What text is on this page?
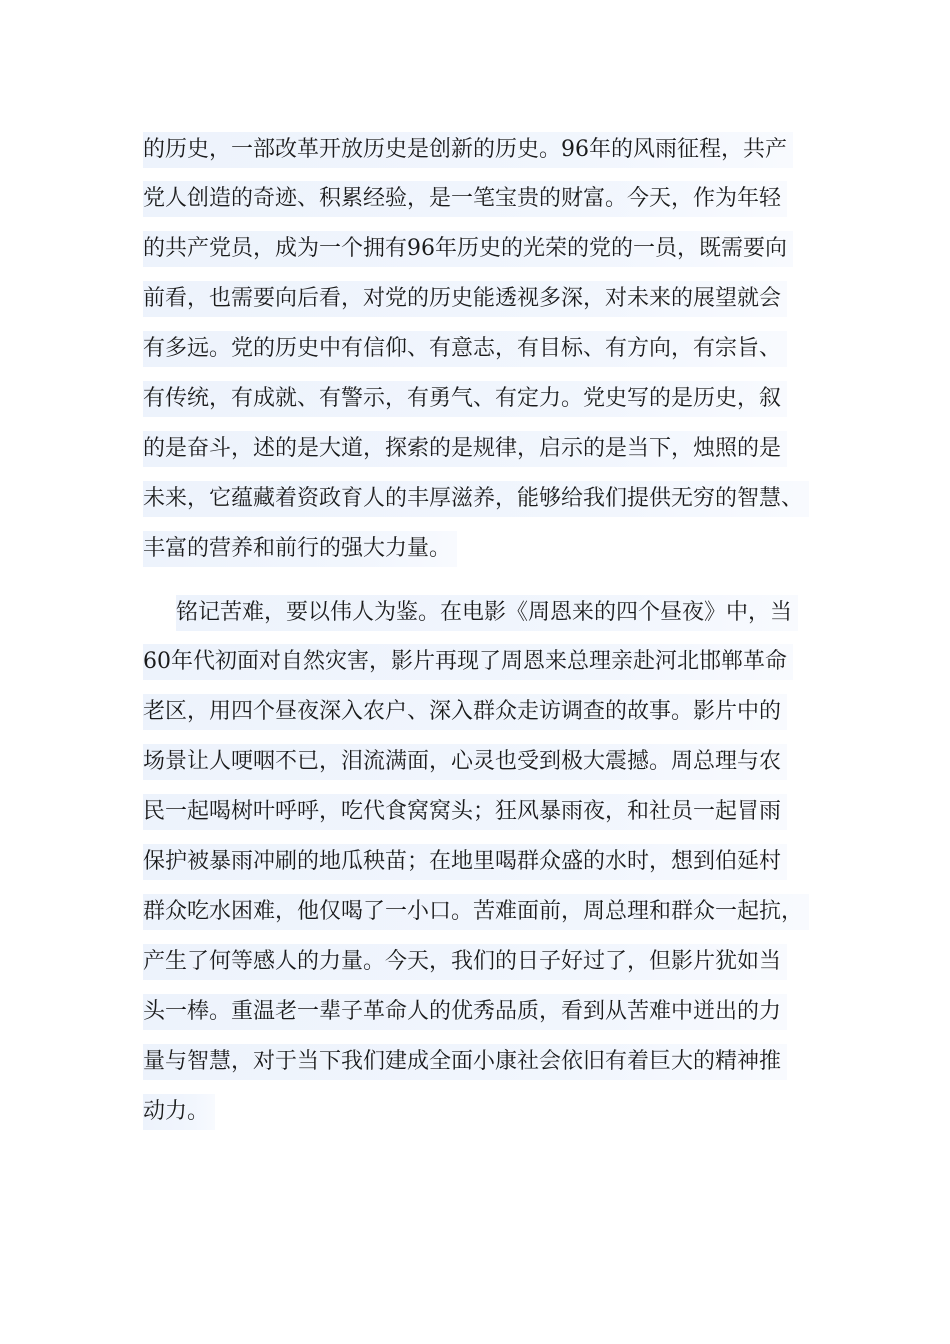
的历史，一部改革开放历史是创新的历史。96年的风雨征程，共产
党人创造的奇迹、积累经验，是一笔宝贵的财富。今天，作为年轻
的共产党员，成为一个拥有96年历史的光荣的党的一员，既需要向
前看，也需要向后看，对党的历史能透视多深，对未来的展望就会
有多远。党的历史中有信仰、有意志，有目标、有方向，有宗旨、
有传统，有成就、有警示，有勇气、有定力。党史写的是历史，叙
的是奋斗，述的是大道，探索的是规律，启示的是当下，烛照的是
未来，它蕴藏着资政育人的丰厚滋养，能够给我们提供无穷的智慧、
丰富的营养和前行的强大力量。
铭记苦难，要以伟人为鉴。在电影《周恩来的四个昼夜》中，当
60年代初面对自然灾害，影片再现了周恩来总理亲赴河北邯郸革命
老区，用四个昼夜深入农户、深入群众走访调查的故事。影片中的
场景让人哽咽不已，泪流满面，心灵也受到极大震撼。周总理与农
民一起喝树叶呼呼，吃代食窝窝头；狂风暴雨夜，和社员一起冒雨
保护被暴雨冲刷的地瓜秧苗；在地里喝群众盛的水时，想到伯延村
群众吃水困难，他仅喝了一小口。苦难面前，周总理和群众一起抗，
产生了何等感人的力量。今天，我们的日子好过了，但影片犹如当
头一棒。重温老一辈子革命人的优秀品质，看到从苦难中迸出的力
量与智慧，对于当下我们建成全面小康社会依旧有着巨大的精神推
动力。
